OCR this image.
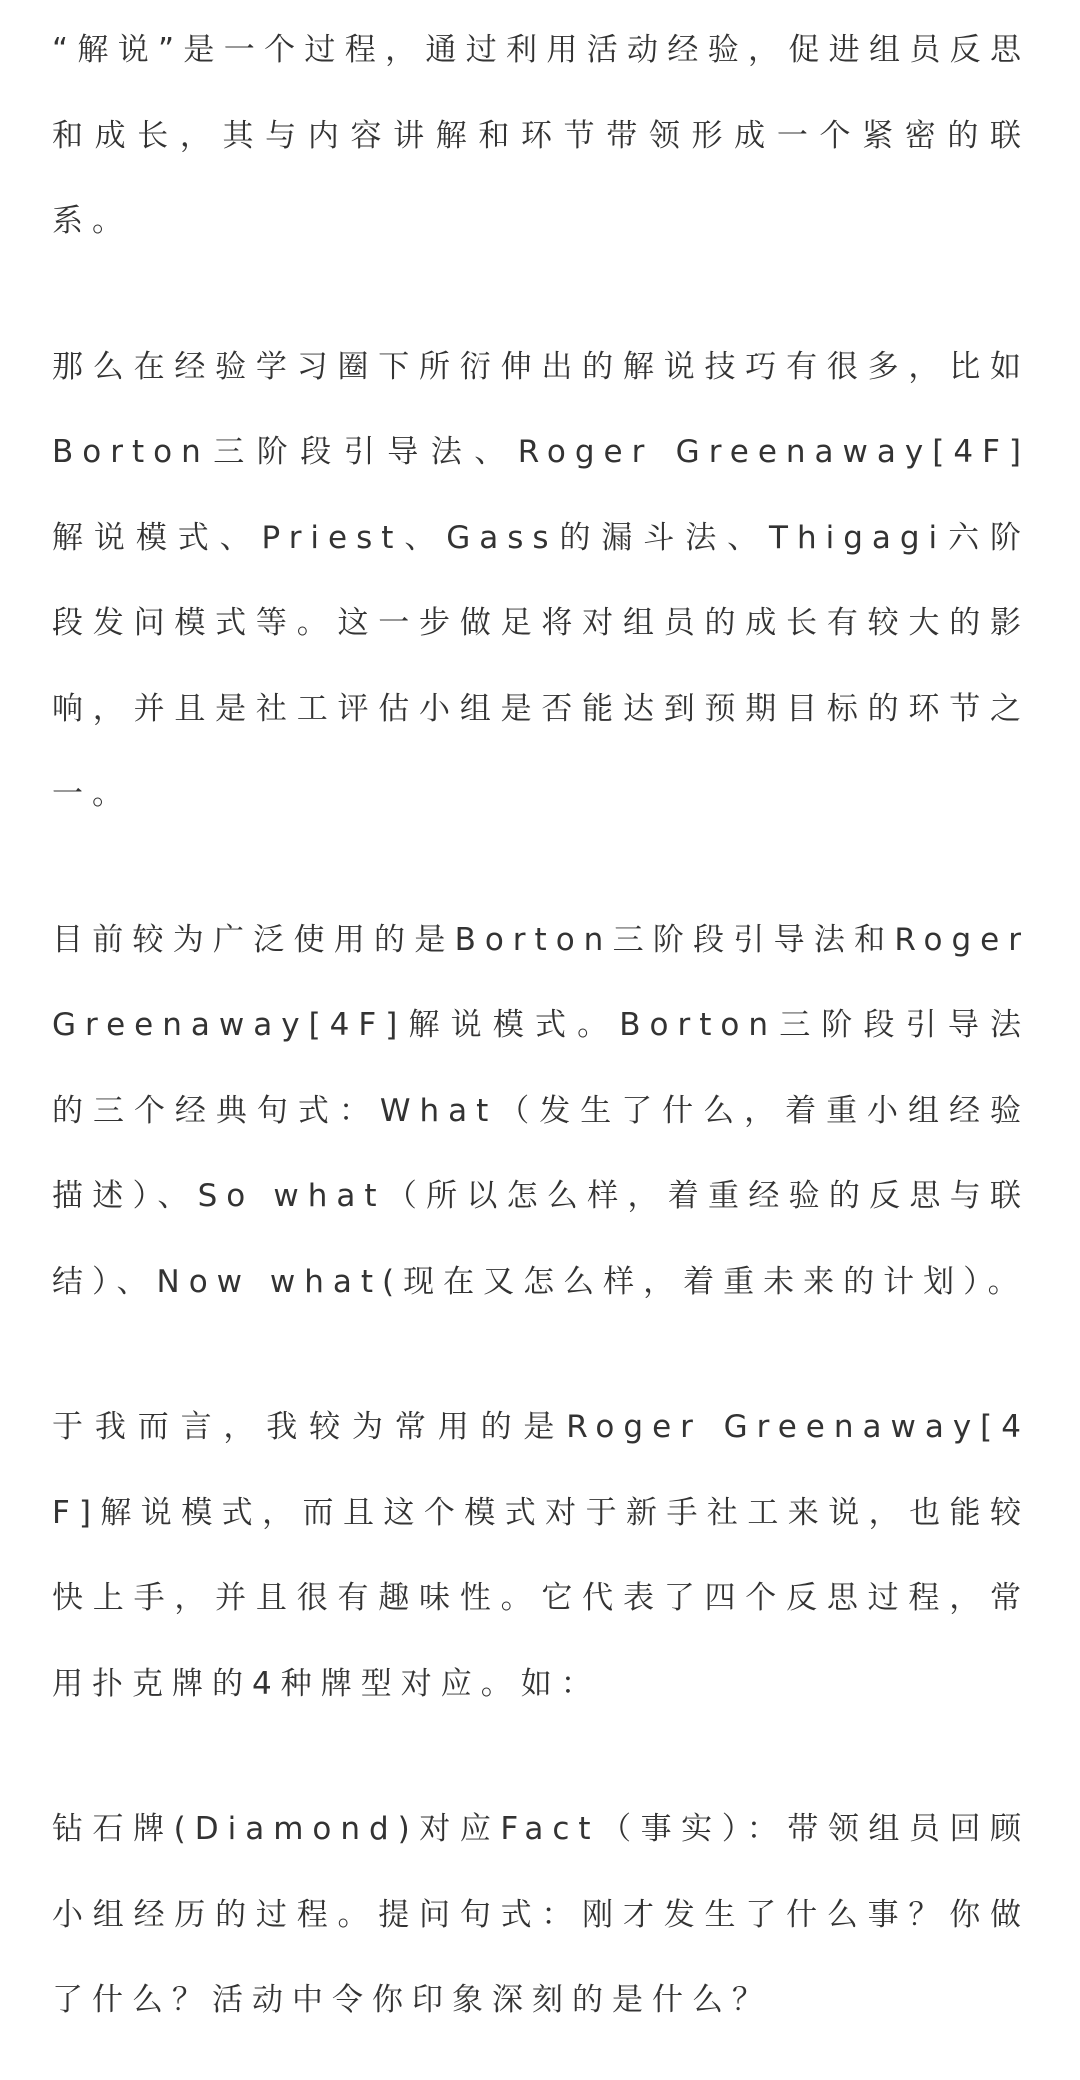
“解说”是一个过程，通过利用活动经验，促进组员反思和成长，其与内容讲解和环节带领形成一个紧密的联系。

那么在经验学习圈下所衍伸出的解说技巧有很多，比如Borton三阶段引导法、Roger Greenaway[4F]解说模式、Priest、Gass的漏斗法、Thigagi六阶段发问模式等。这一步做足将对组员的成长有较大的影响，并且是社工评估小组是否能达到预期目标的环节之一。

目前较为广泛使用的是Borton三阶段引导法和Roger Greenaway[4F]解说模式。Borton三阶段引导法的三个经典句式：What（发生了什么，着重小组经验描述）、So what（所以怎么样，着重经验的反思与联结）、Now what(现在又怎么样，着重未来的计划）。

于我而言，我较为常用的是Roger Greenaway[4F]解说模式，而且这个模式对于新手社工来说，也能较快上手，并且很有趣味性。它代表了四个反思过程，常用扑克牌的4种牌型对应。如：

钻石牌(Diamond)对应Fact（事实）：带领组员回顾小组经历的过程。提问句式：刚才发生了什么事？你做了什么？活动中令你印象深刻的是什么？
